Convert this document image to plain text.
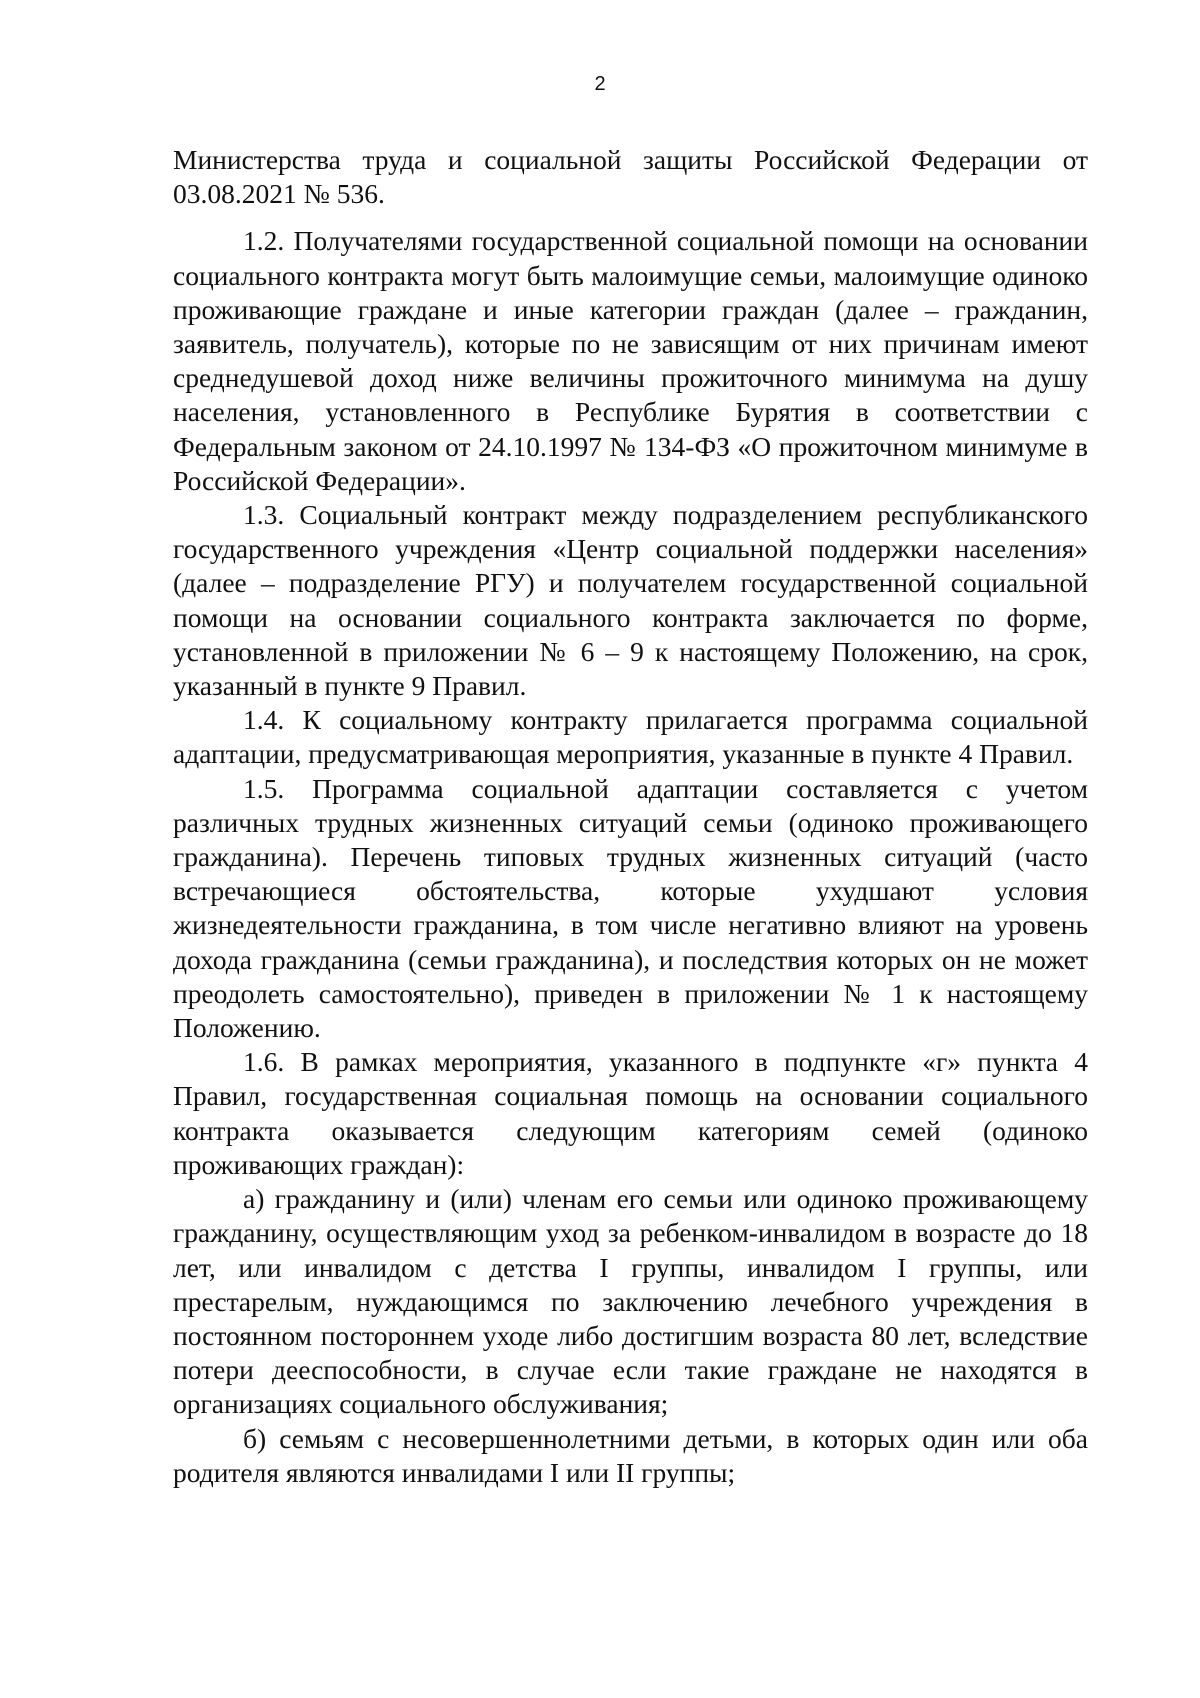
2

Министерства труда и социальной защиты Российской Федерации от 03.08.2021 № 536.

1.2. Получателями государственной социальной помощи на основании социального контракта могут быть малоимущие семьи, малоимущие одиноко проживающие граждане и иные категории граждан (далее – гражданин, заявитель, получатель), которые по не зависящим от них причинам имеют среднедушевой доход ниже величины прожиточного минимума на душу населения, установленного в Республике Бурятия в соответствии с Федеральным законом от 24.10.1997 № 134-ФЗ «О прожиточном минимуме в Российской Федерации».

1.3. Социальный контракт между подразделением республиканского государственного учреждения «Центр социальной поддержки населения» (далее – подразделение РГУ) и получателем государственной социальной помощи на основании социального контракта заключается по форме, установленной в приложении № 6 – 9 к настоящему Положению, на срок, указанный в пункте 9 Правил.

1.4. К социальному контракту прилагается программа социальной адаптации, предусматривающая мероприятия, указанные в пункте 4 Правил.

1.5. Программа социальной адаптации составляется с учетом различных трудных жизненных ситуаций семьи (одиноко проживающего гражданина). Перечень типовых трудных жизненных ситуаций (часто встречающиеся обстоятельства, которые ухудшают условия жизнедеятельности гражданина, в том числе негативно влияют на уровень дохода гражданина (семьи гражданина), и последствия которых он не может преодолеть самостоятельно), приведен в приложении № 1 к настоящему Положению.

1.6. В рамках мероприятия, указанного в подпункте «г» пункта 4 Правил, государственная социальная помощь на основании социального контракта оказывается следующим категориям семей (одиноко проживающих граждан):

а) гражданину и (или) членам его семьи или одиноко проживающему гражданину, осуществляющим уход за ребенком-инвалидом в возрасте до 18 лет, или инвалидом с детства I группы, инвалидом I группы, или престарелым, нуждающимся по заключению лечебного учреждения в постоянном постороннем уходе либо достигшим возраста 80 лет, вследствие потери дееспособности, в случае если такие граждане не находятся в организациях социального обслуживания;

б) семьям с несовершеннолетними детьми, в которых один или оба родителя являются инвалидами I или II группы;
